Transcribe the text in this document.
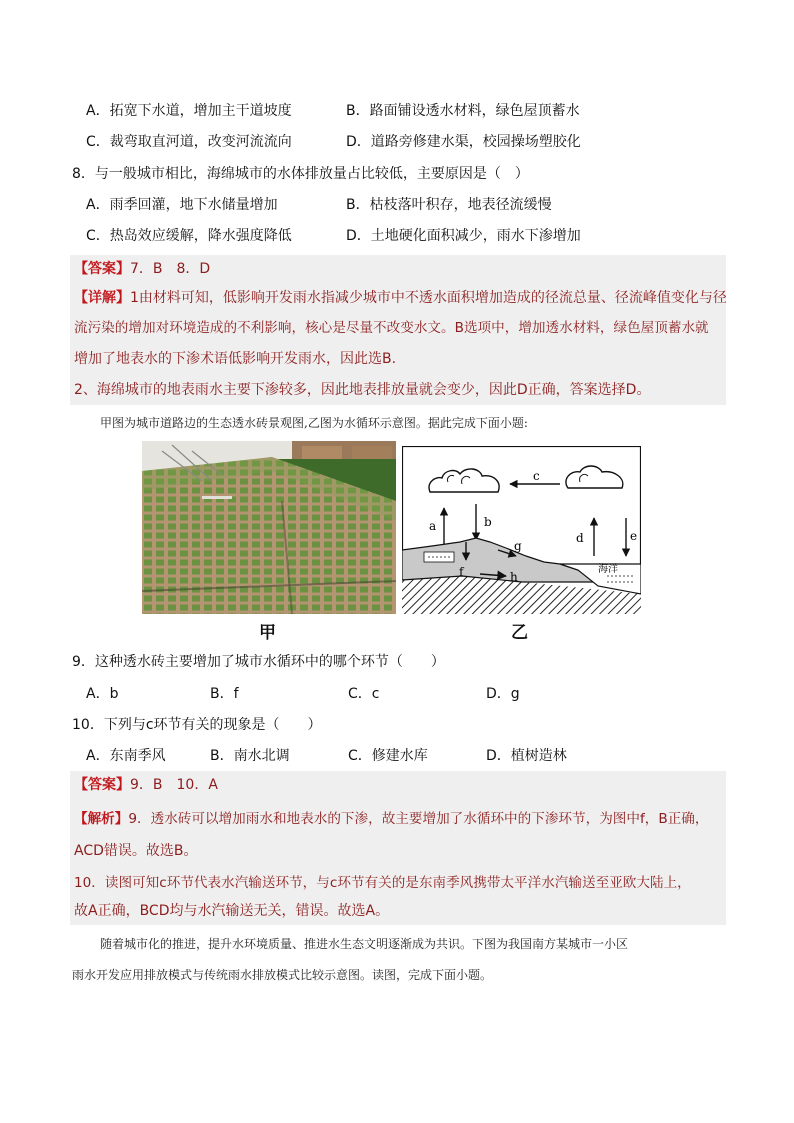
A．拓宽下水道，增加主干道坡度	B．路面铺设透水材料，绿色屋顶蓄水
C．裁弯取直河道，改变河流流向	D．道路旁修建水渠，校园操场塑胶化
8．与一般城市相比，海绵城市的水体排放量占比较低，主要原因是（　）
A．雨季回灌，地下水储量增加	B．枯枝落叶积存，地表径流缓慢
C．热岛效应缓解，降水强度降低	D．土地硬化面积减少，雨水下渗增加

【答案】7．B　8．D

【详解】1由材料可知，低影响开发雨水指减少城市中不透水面积增加造成的径流总量、径流峰值变化与径

流污染的增加对环境造成的不利影响，核心是尽量不改变水文。B选项中，增加透水材料，绿色屋顶蓄水就

增加了地表水的下渗术语低影响开发雨水，因此选B.

2、海绵城市的地表雨水主要下渗较多，因此地表排放量就会变少，因此D正确，答案选择D。

甲图为城市道路边的生态透水砖景观图,乙图为水循环示意图。据此完成下面小题:
a	b
c
d	e
f
g
h
海洋
甲	乙
9．这种透水砖主要增加了城市水循环中的哪个环节（　　）
A．b	B．f	C．c	D．g
10．下列与c环节有关的现象是（　　）
A．东南季风	B．南水北调	C．修建水库	D．植树造林

【答案】9．B　10．A

【解析】9．透水砖可以增加雨水和地表水的下渗，故主要增加了水循环中的下渗环节，为图中f，B正确，

ACD错误。故选B。

10．读图可知c环节代表水汽输送环节，与c环节有关的是东南季风携带太平洋水汽输送至亚欧大陆上，

故A正确，BCD均与水汽输送无关，错误。故选A。

随着城市化的推进，提升水环境质量、推进水生态文明逐渐成为共识。下图为我国南方某城市一小区
雨水开发应用排放模式与传统雨水排放模式比较示意图。读图，完成下面小题。
